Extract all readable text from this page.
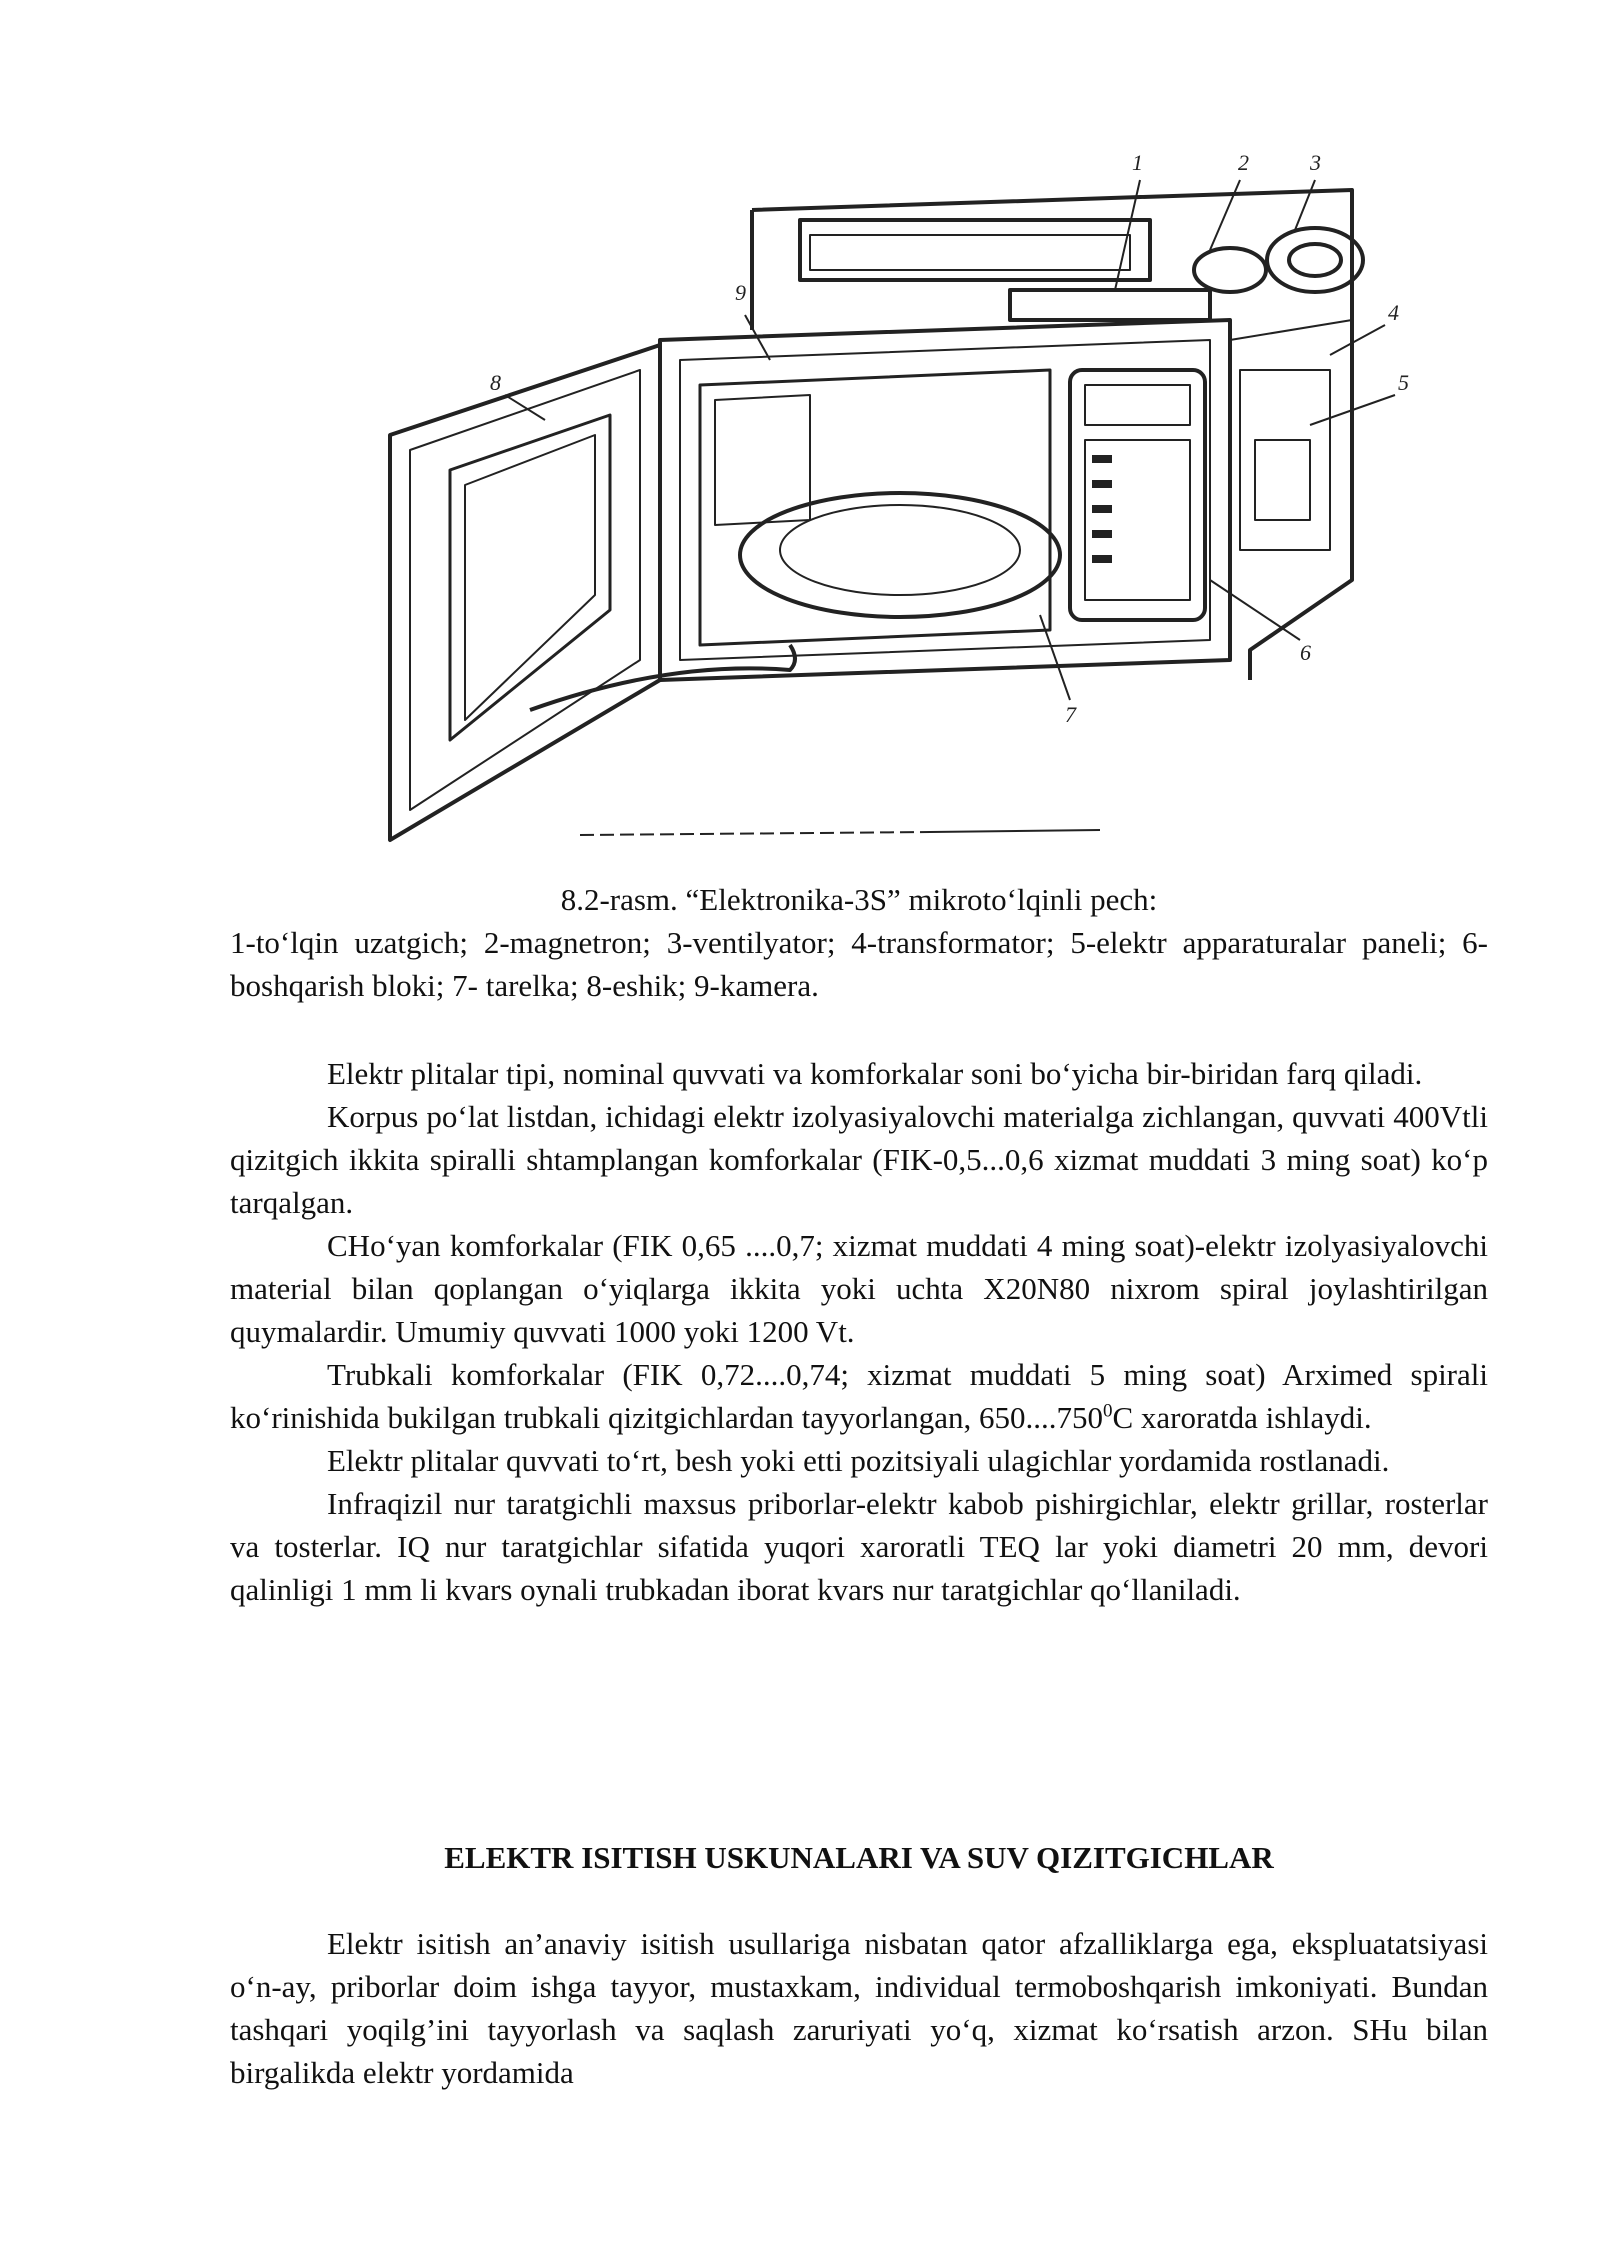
1	2	3
4
5
6
7
8
9

8.2-rasm. “Elektronika-3S” mikroto‘lqinli pech:

1-to‘lqin uzatgich; 2-magnetron; 3-ventilyator; 4-transformator; 5-elektr apparaturalar paneli; 6-boshqarish bloki; 7- tarelka; 8-eshik; 9-kamera.

Elektr plitalar tipi, nominal quvvati va komforkalar soni bo‘yicha bir-biridan farq qiladi.

Korpus po‘lat listdan, ichidagi elektr izolyasiyalovchi materialga zichlangan, quvvati 400Vtli qizitgich ikkita spiralli shtamplangan komforkalar (FIK-0,5...0,6 xizmat muddati 3 ming soat) ko‘p tarqalgan.

CHo‘yan komforkalar (FIK 0,65 ....0,7; xizmat muddati 4 ming soat)-elektr izolyasiyalovchi material bilan qoplangan o‘yiqlarga ikkita yoki uchta X20N80 nixrom spiral joylashtirilgan quymalardir. Umumiy quvvati 1000 yoki 1200 Vt.

Trubkali komforkalar (FIK 0,72....0,74; xizmat muddati 5 ming soat) Arximed spirali ko‘rinishida bukilgan trubkali qizitgichlardan tayyorlangan, 650....750$^0$C xaroratda ishlaydi.

Elektr plitalar quvvati to‘rt, besh yoki etti pozitsiyali ulagichlar yordamida rostlanadi.

Infraqizil nur taratgichli maxsus priborlar-elektr kabob pishirgichlar, elektr grillar, rosterlar va tosterlar. IQ nur taratgichlar sifatida yuqori xaroratli TEQ lar yoki diametri 20 mm, devori qalinligi 1 mm li kvars oynali trubkadan iborat kvars nur taratgichlar qo‘llaniladi.

ELEKTR ISITISH USKUNALARI VA SUV QIZITGICHLAR

Elektr isitish an’anaviy isitish usullariga nisbatan qator afzalliklarga ega, ekspluatatsiyasi o‘n-ay, priborlar doim ishga tayyor, mustaxkam, individual termoboshqarish imkoniyati. Bundan tashqari yoqilg’ini tayyorlash va saqlash zaruriyati yo‘q, xizmat ko‘rsatish arzon. SHu bilan birgalikda elektr yordamida
